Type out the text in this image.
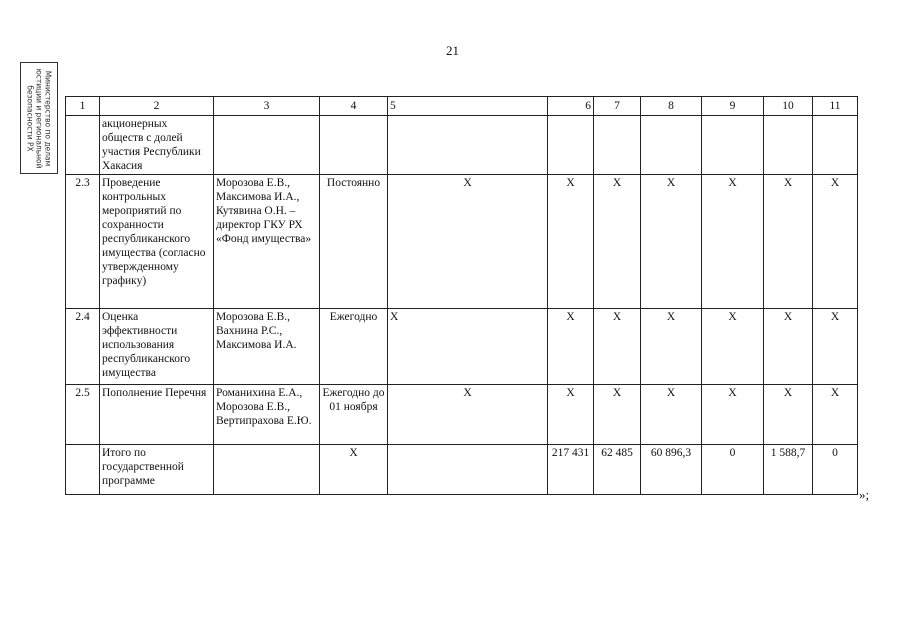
21
Министерство по делам
юстиции и региональной
безопасности РХ	1	2	3	4	5	6	7	8	9	10	11
	акционерных обществ с долей участия Республики Хакасия									
2.3	Проведение контрольных мероприятий по сохранности республиканского имущества (согласно утвержденному графику)	Морозова Е.В., Максимова И.А., Кутявина О.Н. – директор ГКУ РХ «Фонд имущества»	Постоянно	Х	Х	Х	Х	Х	Х	Х
2.4	Оценка эффективности использования республиканского имущества	Морозова Е.В., Вахнина Р.С., Максимова И.А.	Ежегодно	Х	Х	Х	Х	Х	Х	Х
2.5	Пополнение Перечня	Романихина Е.А., Морозова Е.В., Вертипрахова Е.Ю.	Ежегодно до 01 ноября	Х	Х	Х	Х	Х	Х	Х
	Итого по государственной программе		Х		217 431	62 485	60 896,3	0	1 588,7	0
»;
